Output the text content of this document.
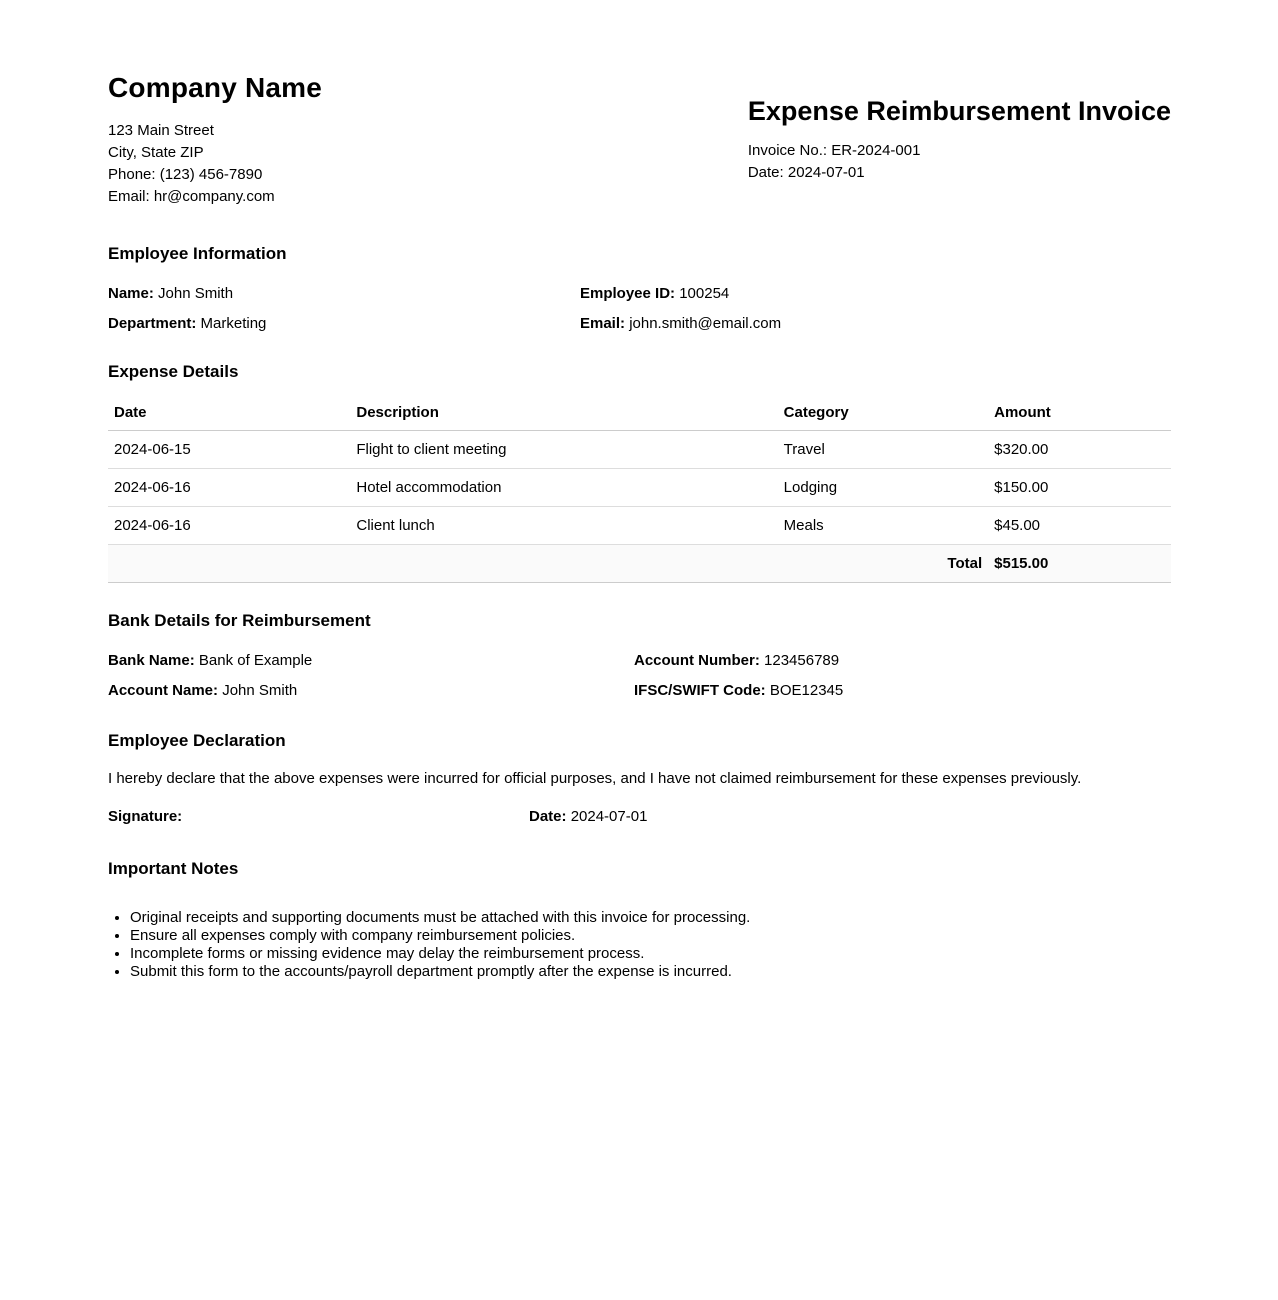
Company Name
123 Main Street
City, State ZIP
Phone: (123) 456-7890
Email: hr@company.com
Expense Reimbursement Invoice
Invoice No.: ER-2024-001
Date: 2024-07-01
Employee Information
Name: John Smith	Employee ID: 100254
Department: Marketing	Email: john.smith@email.com
Expense Details
Date	Description	Category	Amount
2024-06-15	Flight to client meeting	Travel	$320.00
2024-06-16	Hotel accommodation	Lodging	$150.00
2024-06-16	Client lunch	Meals	$45.00
Total			$515.00
Bank Details for Reimbursement
Bank Name: Bank of Example	Account Number: 123456789
Account Name: John Smith	IFSC/SWIFT Code: BOE12345
Employee Declaration

I hereby declare that the above expenses were incurred for official purposes, and I have not claimed reimbursement for these expenses previously.

Signature:	Date: 2024-07-01
Important Notes
• Original receipts and supporting documents must be attached with this invoice for processing.
• Ensure all expenses comply with company reimbursement policies.
• Incomplete forms or missing evidence may delay the reimbursement process.
• Submit this form to the accounts/payroll department promptly after the expense is incurred.
